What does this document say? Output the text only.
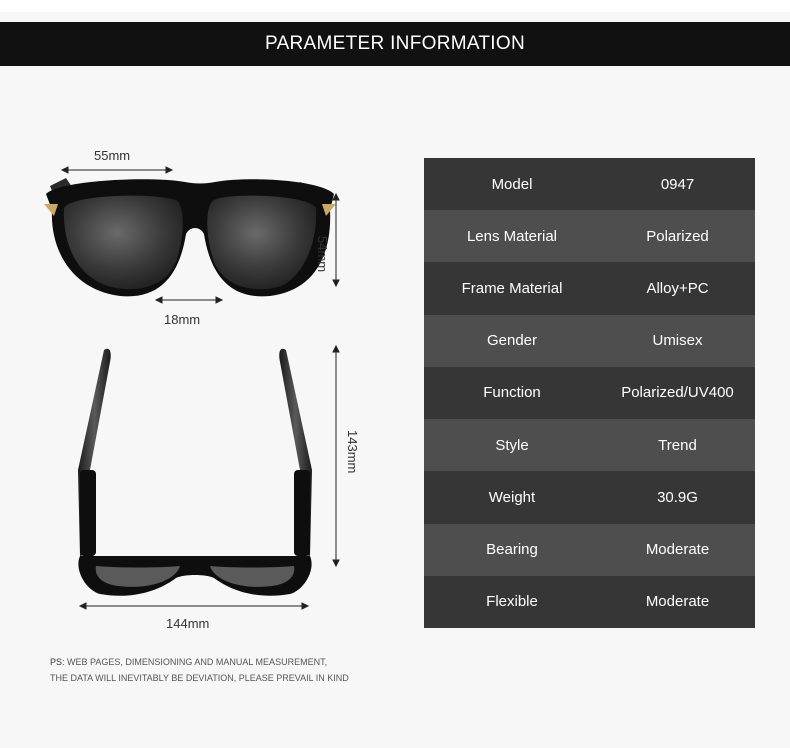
PARAMETER INFORMATION
55mm
54mm
18mm
143mm
144mm
Model	0947
Lens Material	Polarized
Frame Material	Alloy+PC
Gender	Umisex
Function	Polarized/UV400
Style	Trend
Weight	30.9G
Bearing	Moderate
Flexible	Moderate
PS: WEB PAGES, DIMENSIONING AND MANUAL MEASUREMENT,
THE DATA WILL INEVITABLY BE DEVIATION, PLEASE PREVAIL IN KIND
